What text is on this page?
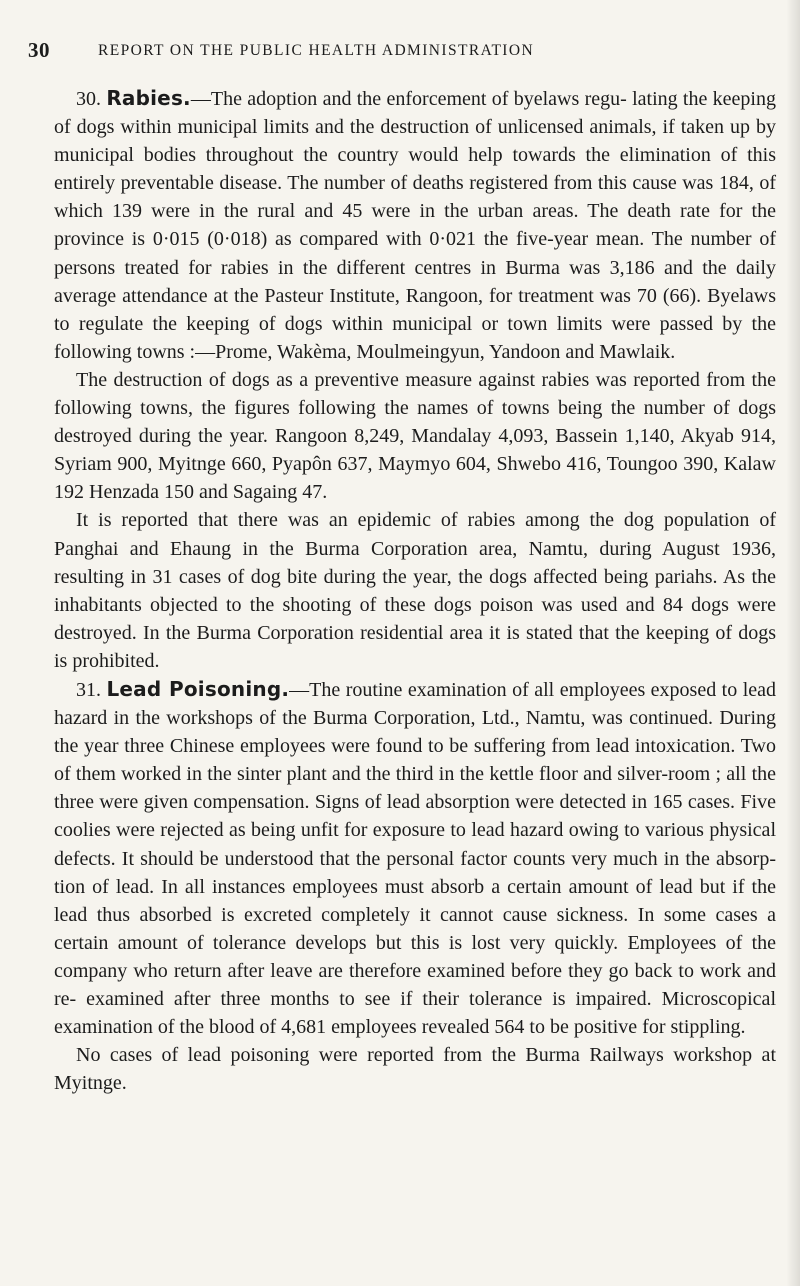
30	REPORT ON THE PUBLIC HEALTH ADMINISTRATION

30. Rabies.—The adoption and the enforcement of byelaws regu- lating the keeping of dogs within municipal limits and the destruction of unlicensed animals, if taken up by municipal bodies throughout the country would help towards the elimination of this entirely preventable disease. The number of deaths registered from this cause was 184, of which 139 were in the rural and 45 were in the urban areas. The death rate for the province is 0·015 (0·018) as compared with 0·021 the five-year mean. The number of persons treated for rabies in the different centres in Burma was 3,186 and the daily average attendance at the Pasteur Institute, Rangoon, for treatment was 70 (66). Byelaws to regulate the keeping of dogs within municipal or town limits were passed by the following towns :—Prome, Wakèma, Moulmeingyun, Yandoon and Mawlaik.

The destruction of dogs as a preventive measure against rabies was reported from the following towns, the figures following the names of towns being the number of dogs destroyed during the year. Rangoon 8,249, Mandalay 4,093, Bassein 1,140, Akyab 914, Syriam 900, Myitnge 660, Pyapôn 637, Maymyo 604, Shwebo 416, Toungoo 390, Kalaw 192 Henzada 150 and Sagaing 47.

It is reported that there was an epidemic of rabies among the dog population of Panghai and Ehaung in the Burma Corporation area, Namtu, during August 1936, resulting in 31 cases of dog bite during the year, the dogs affected being pariahs. As the inhabitants objected to the shooting of these dogs poison was used and 84 dogs were destroyed. In the Burma Corporation residential area it is stated that the keeping of dogs is prohibited.

31. Lead Poisoning.—The routine examination of all employees exposed to lead hazard in the workshops of the Burma Corporation, Ltd., Namtu, was continued. During the year three Chinese employees were found to be suffering from lead intoxication. Two of them worked in the sinter plant and the third in the kettle floor and silver-room ; all the three were given compensation. Signs of lead absorption were detected in 165 cases. Five coolies were rejected as being unfit for exposure to lead hazard owing to various physical defects. It should be understood that the personal factor counts very much in the absorp- tion of lead. In all instances employees must absorb a certain amount of lead but if the lead thus absorbed is excreted completely it cannot cause sickness. In some cases a certain amount of tolerance develops but this is lost very quickly. Employees of the company who return after leave are therefore examined before they go back to work and re- examined after three months to see if their tolerance is impaired. Microscopical examination of the blood of 4,681 employees revealed 564 to be positive for stippling.

No cases of lead poisoning were reported from the Burma Railways workshop at Myitnge.
